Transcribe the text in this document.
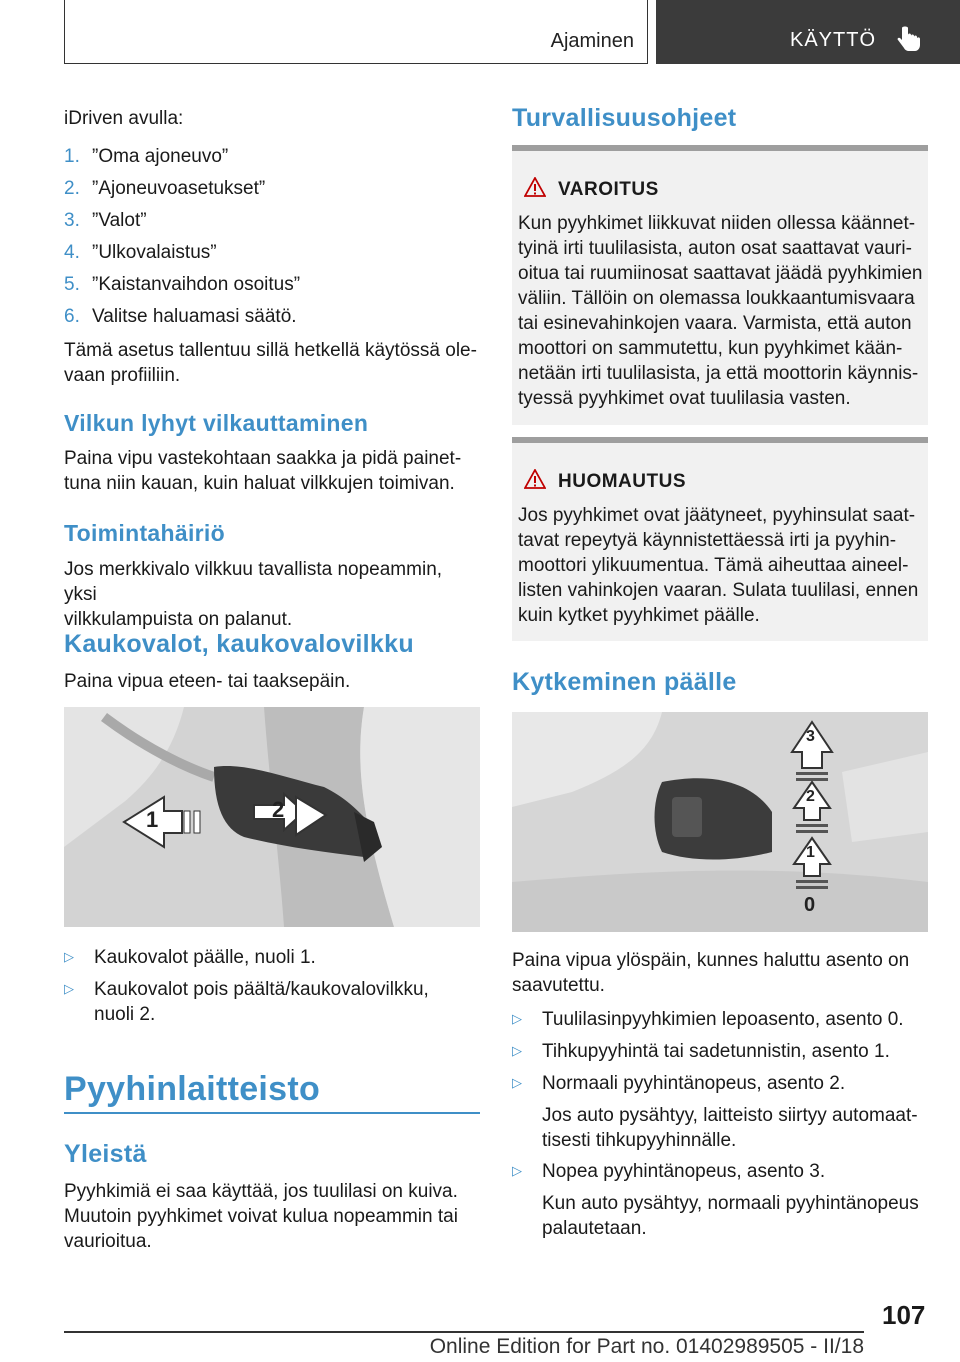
Ajaminen	KÄYTTÖ
iDriven avulla:
1. ”Oma ajoneuvo”
2. ”Ajoneuvoasetukset”
3. ”Valot”
4. ”Ulkovalaistus”
5. ”Kaistanvaihdon osoitus”
6. Valitse haluamasi säätö.
Tämä asetus tallentuu sillä hetkellä käytössä ole‐
vaan profiiliin.
Vilkun lyhyt vilkauttaminen
Paina vipu vastekohtaan saakka ja pidä painet‐
tuna niin kauan, kuin haluat vilkkujen toimivan.
Toimintahäiriö
Jos merkkivalo vilkkuu tavallista nopeammin, yksi
vilkkulampuista on palanut.
Kaukovalot, kaukovalovilkku
Paina vipua eteen- tai taaksepäin.
1	2
▷ Kaukovalot päälle, nuoli 1.
▷ Kaukovalot pois päältä/kaukovalovilkku,
nuoli 2.
Pyyhinlaitteisto
Yleistä
Pyyhkimiä ei saa käyttää, jos tuulilasi on kuiva.
Muutoin pyyhkimet voivat kulua nopeammin tai
vaurioitua.
Turvallisuusohjeet
VAROITUS
Kun pyyhkimet liikkuvat niiden ollessa käännet‐
tyinä irti tuulilasista, auton osat saattavat vauri‐
oitua tai ruumiinosat saattavat jäädä pyyhkimien
väliin. Tällöin on olemassa loukkaantumisvaara
tai esinevahinkojen vaara. Varmista, että auton
moottori on sammutettu, kun pyyhkimet kään‐
netään irti tuulilasista, ja että moottorin käynnis‐
tyessä pyyhkimet ovat tuulilasia vasten.
HUOMAUTUS
Jos pyyhkimet ovat jäätyneet, pyyhinsulat saat‐
tavat repeytyä käynnistettäessä irti ja pyyhin‐
moottori ylikuumentua. Tämä aiheuttaa aineel‐
listen vahinkojen vaaran. Sulata tuulilasi, ennen
kuin kytket pyyhkimet päälle.
Kytkeminen päälle
3
2
1
0
Paina vipua ylöspäin, kunnes haluttu asento on
saavutettu.
▷ Tuulilasinpyyhkimien lepoasento, asento 0.
▷ Tihkupyyhintä tai sadetunnistin, asento 1.
▷ Normaali pyyhintänopeus, asento 2.
Jos auto pysähtyy, laitteisto siirtyy automaat‐
tisesti tihkupyyhinnälle.
▷ Nopea pyyhintänopeus, asento 3.
Kun auto pysähtyy, normaali pyyhintänopeus
palautetaan.
107
Online Edition for Part no. 01402989505 - II/18
